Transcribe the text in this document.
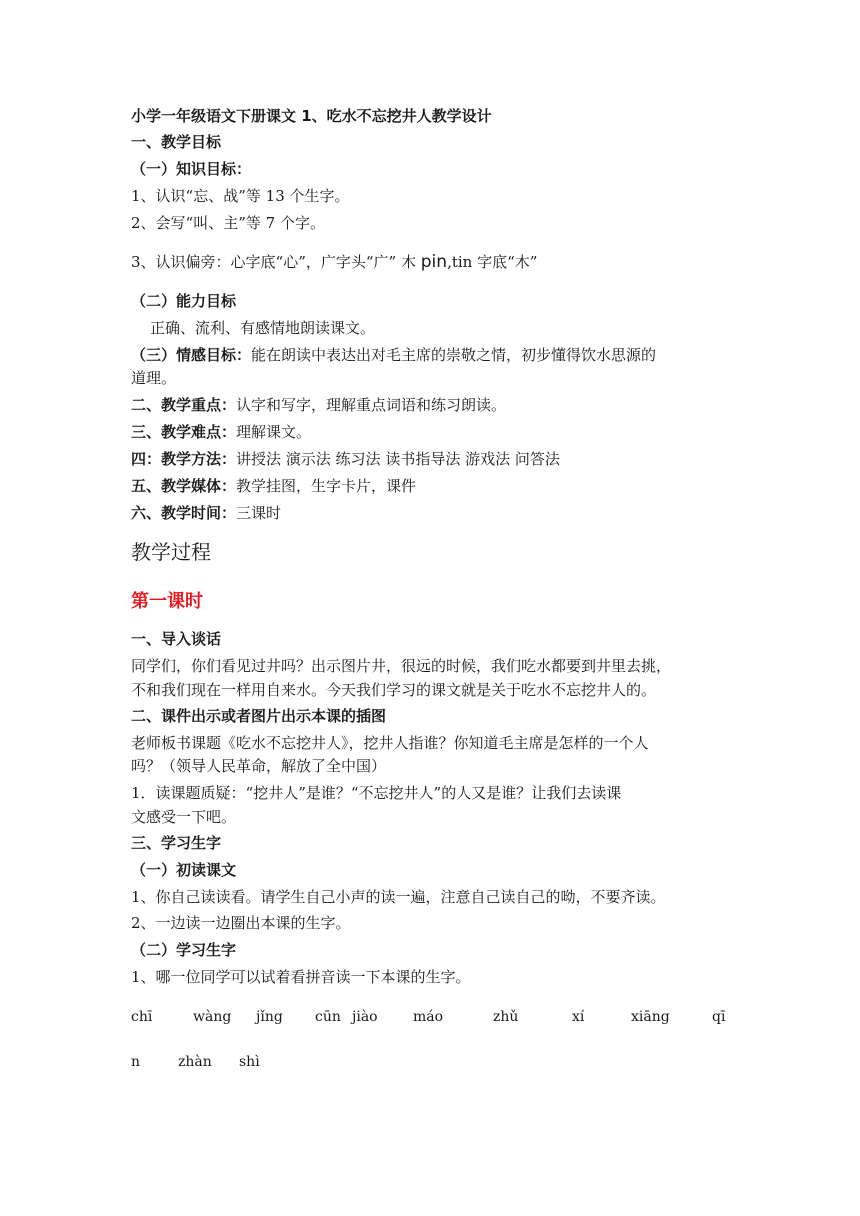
小学一年级语文下册课文 1、吃水不忘挖井人教学设计
一、教学目标
（一）知识目标：
1、认识“忘、战”等 13 个生字。
2、会写“叫、主”等 7 个字。
3、认识偏旁：心字底“心”，广字头“广” 木 pin,tin 字底“木”
（二）能力目标
正确、流利、有感情地朗读课文。
（三）情感目标：能在朗读中表达出对毛主席的崇敬之情，初步懂得饮水思源的
道理。
二、教学重点：认字和写字，理解重点词语和练习朗读。
三、教学难点：理解课文。
四：教学方法：讲授法 演示法 练习法 读书指导法 游戏法 问答法
五、教学媒体：教学挂图，生字卡片，课件
六、教学时间：三课时
教学过程
第一课时
一、导入谈话
同学们，你们看见过井吗？出示图片井，很远的时候，我们吃水都要到井里去挑，
不和我们现在一样用自来水。今天我们学习的课文就是关于吃水不忘挖井人的。
二、课件出示或者图片出示本课的插图
老师板书课题《吃水不忘挖井人》，挖井人指谁？你知道毛主席是怎样的一个人
吗？（领导人民革命，解放了全中国）
1．读课题质疑：“挖井人”是谁？“不忘挖井人”的人又是谁？让我们去读课
文感受一下吧。
三、学习生字
（一）初读课文
1、你自己读读看。请学生自己小声的读一遍，注意自己读自己的呦，不要齐读。
2、一边读一边圈出本课的生字。
（二）学习生字
1、哪一位同学可以试着看拼音读一下本课的生字。
chī	wàng jǐng cūn jiào	máo	zhǔ	xí	xiāng	qī
n	zhàn shì
